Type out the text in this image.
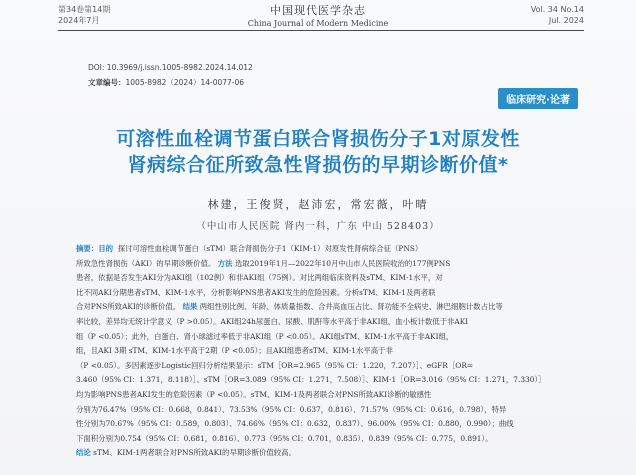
第34卷第14期
2024年7月
中国现代医学杂志
China Journal of Modern Medicine
Vol. 34 No.14
Jul. 2024
DOI: 10.3969/j.issn.1005-8982.2024.14.012
文章编号：1005-8982（2024）14-0077-06
临床研究·论著
可溶性血栓调节蛋白联合肾损伤分子1对原发性
肾病综合征所致急性肾损伤的早期诊断价值*
林建，王俊贤，赵沛宏，常宏薇，叶晴
（中山市人民医院 肾内一科，广东 中山 528403）
摘要：目的 探讨可溶性血栓调节蛋白（sTM）联合肾损伤分子1（KIM-1）对原发性肾病综合征（PNS）
所致急性肾损伤（AKI）的早期诊断价值。 方法 选取2019年1月—2022年10月中山市人民医院收治的177例PNS
患者，依据是否发生AKI分为AKI组（102例）和非AKI组（75例）。对比两组临床资料及sTM、KIM-1水平，对
比不同AKI分期患者sTM、KIM-1水平，分析影响PNS患者AKI发生的危险因素。分析sTM、KIM-1及两者联
合对PNS所致AKI的诊断价值。 结果 两组性别比例、年龄、体质量指数、合并高血压占比、肾功能不全病史、淋巴细胞计数占比等
率比较，差异均无统计学意义（P >0.05）。AKI组24h尿蛋白、尿酸、肌酐等水平高于非AKI组，血小板计数低于非AKI
组（P <0.05）；此外，白蛋白、肾小球滤过率低于非AKI组（P <0.05）。AKI组sTM、KIM-1水平高于非AKI组，
组，且AKI 3期 sTM、KIM-1水平高于2期（P <0.05）；且AKI组患者sTM、KIM-1水平高于非
（P <0.05）。多因素逐步Logistic回归分析结果显示：sTM［OR=2.965（95% CI：1.220，7.207）］、eGFR［OR=
3.460（95% CI：1.371，8.118）］、sTM［OR=3.089（95% CI：1.271，7.508）］、KIM-1［OR=3.016（95% CI：1.271，7.330）］
均为影响PNS患者AKI发生的危险因素（P <0.05）。sTM、KIM-1及两者联合对PNS所致AKI诊断的敏感性
分别为76.47%（95% CI：0.668，0.841）、73.53%（95% CI：0.637，0.816）、71.57%（95% CI：0.616，0.798），特异
性分别为70.67%（95% CI：0.589，0.803）、74.66%（95% CI：0.632，0.837）、96.00%（95% CI：0.880，0.990）；曲线
下面积分别为0.754（95% CI：0.681，0.816）、0.773（95% CI：0.701，0.835）、0.839（95% CI：0.775，0.891）。
结论 sTM、KIM-1两者联合对PNS所致AKI的早期诊断价值较高。
